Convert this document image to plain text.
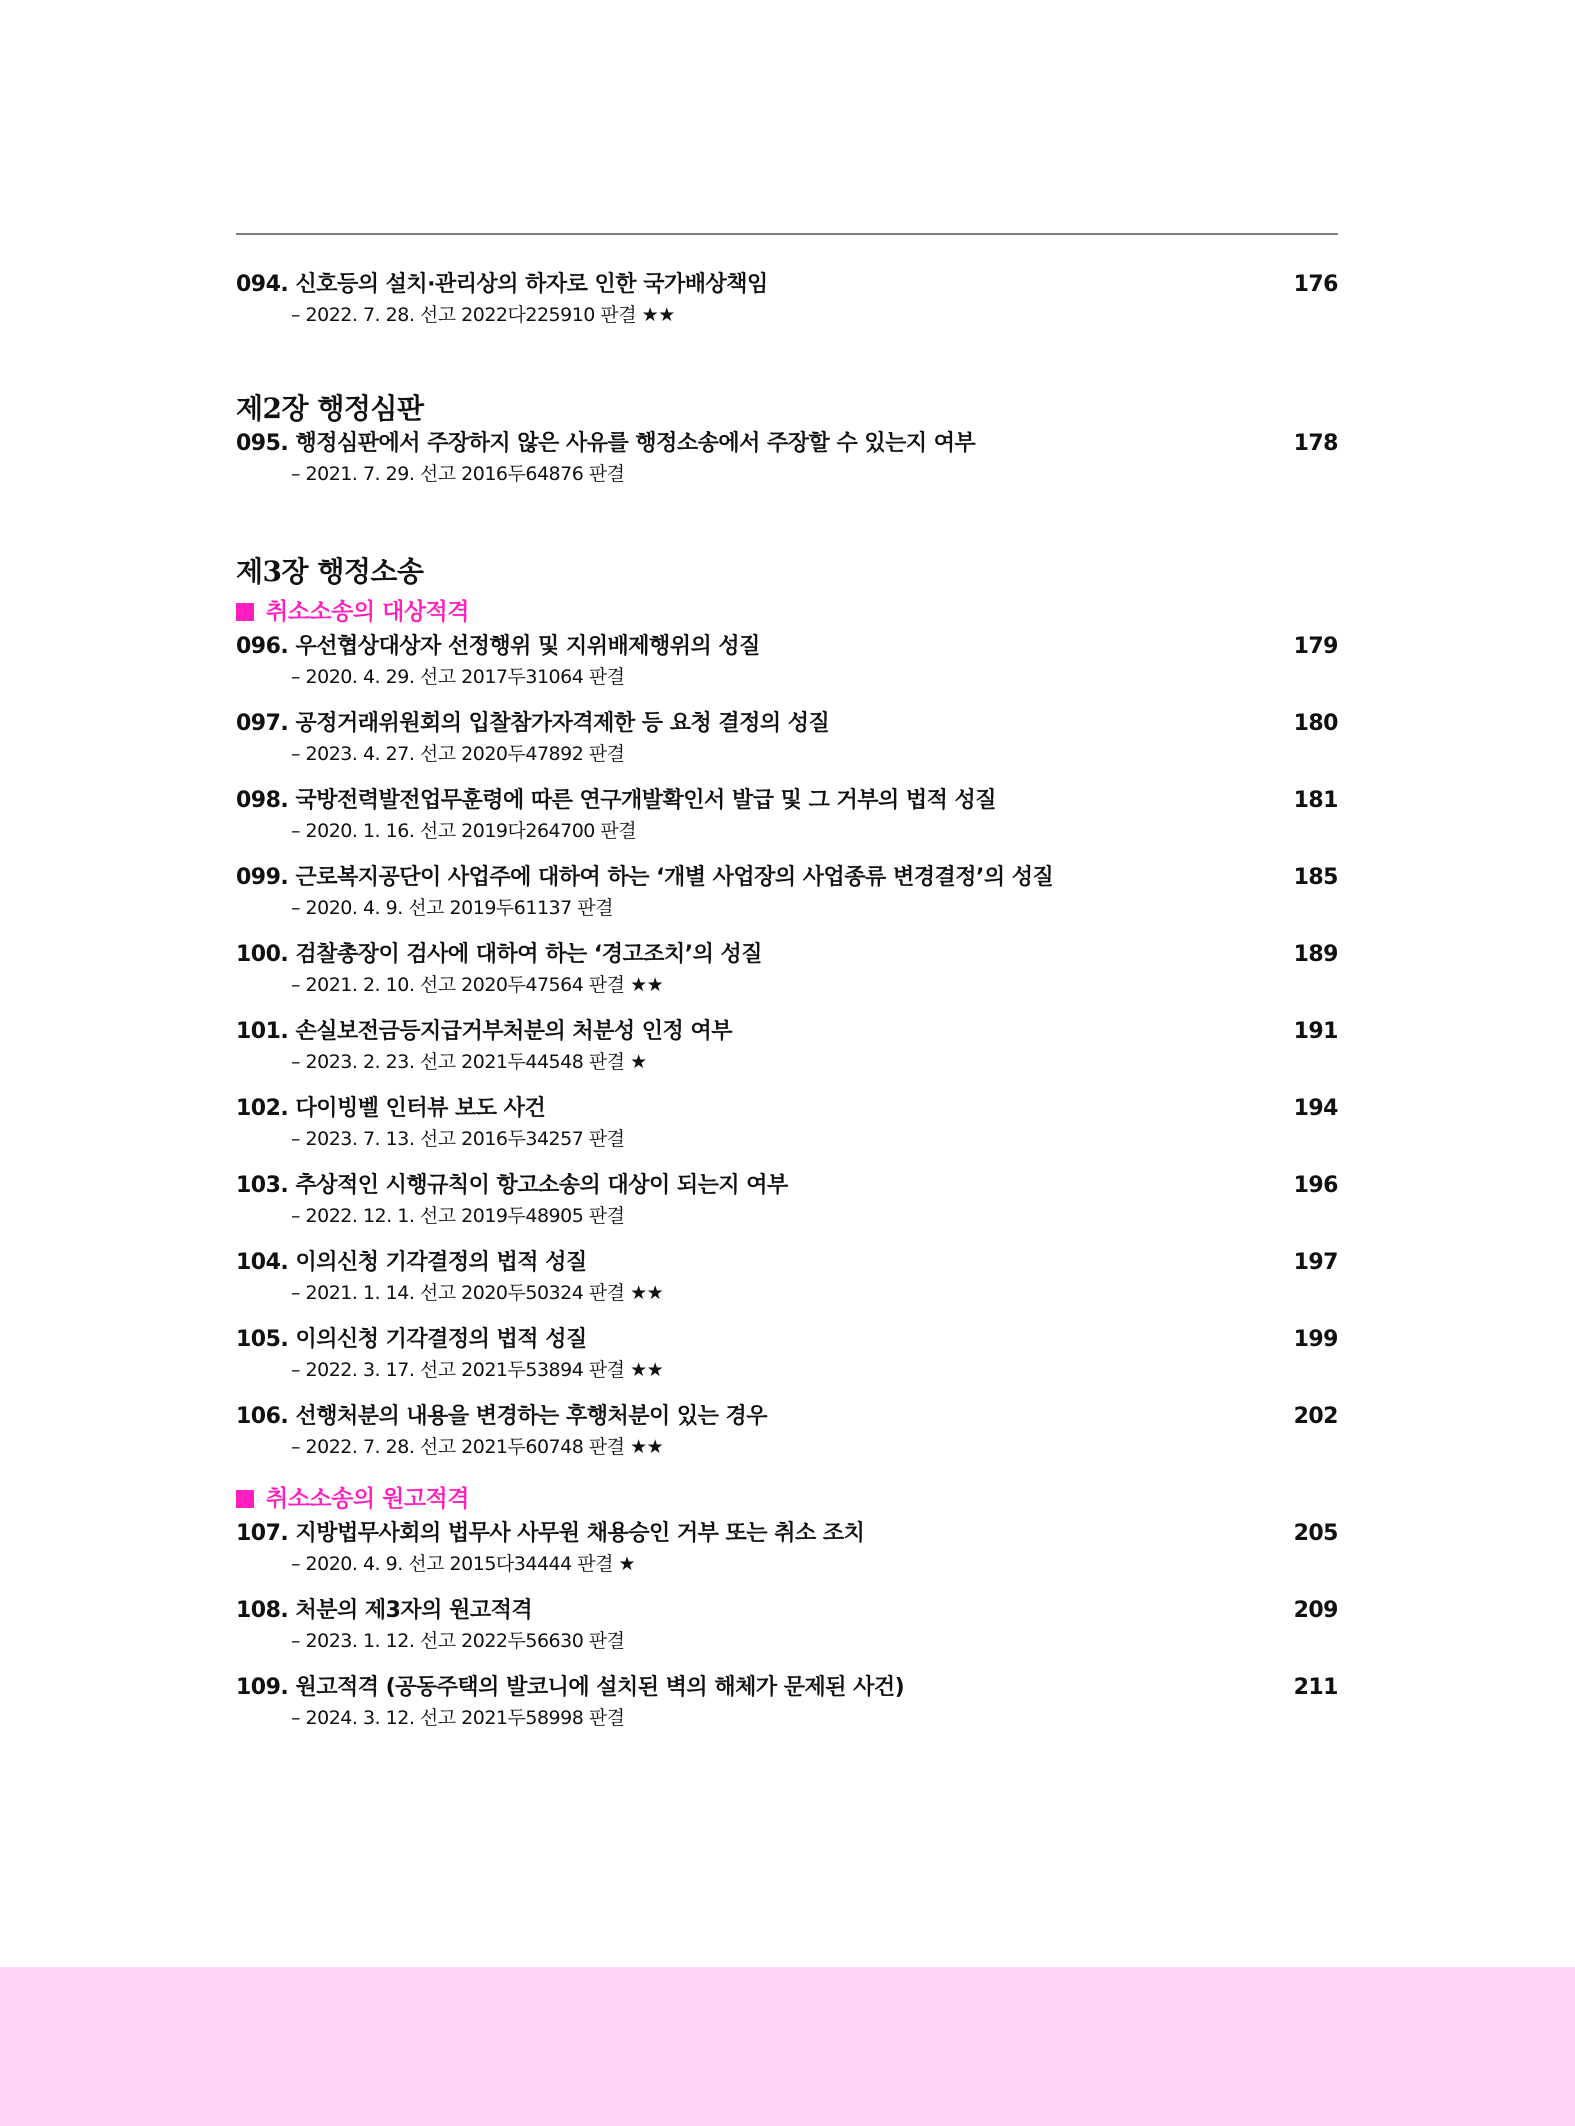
094. 신호등의 설치·관리상의 하자로 인한 국가배상책임	176
– 2022. 7. 28. 선고 2022다225910 판결 ★★
제2장 행정심판
095. 행정심판에서 주장하지 않은 사유를 행정소송에서 주장할 수 있는지 여부	178
– 2021. 7. 29. 선고 2016두64876 판결
제3장 행정소송
취소소송의 대상적격
096. 우선협상대상자 선정행위 및 지위배제행위의 성질	179
– 2020. 4. 29. 선고 2017두31064 판결
097. 공정거래위원회의 입찰참가자격제한 등 요청 결정의 성질	180
– 2023. 4. 27. 선고 2020두47892 판결
098. 국방전력발전업무훈령에 따른 연구개발확인서 발급 및 그 거부의 법적 성질	181
– 2020. 1. 16. 선고 2019다264700 판결
099. 근로복지공단이 사업주에 대하여 하는 ‘개별 사업장의 사업종류 변경결정’의 성질	185
– 2020. 4. 9. 선고 2019두61137 판결
100. 검찰총장이 검사에 대하여 하는 ‘경고조치’의 성질	189
– 2021. 2. 10. 선고 2020두47564 판결 ★★
101. 손실보전금등지급거부처분의 처분성 인정 여부	191
– 2023. 2. 23. 선고 2021두44548 판결 ★
102. 다이빙벨 인터뷰 보도 사건	194
– 2023. 7. 13. 선고 2016두34257 판결
103. 추상적인 시행규칙이 항고소송의 대상이 되는지 여부	196
– 2022. 12. 1. 선고 2019두48905 판결
104. 이의신청 기각결정의 법적 성질	197
– 2021. 1. 14. 선고 2020두50324 판결 ★★
105. 이의신청 기각결정의 법적 성질	199
– 2022. 3. 17. 선고 2021두53894 판결 ★★
106. 선행처분의 내용을 변경하는 후행처분이 있는 경우	202
– 2022. 7. 28. 선고 2021두60748 판결 ★★
취소소송의 원고적격
107. 지방법무사회의 법무사 사무원 채용승인 거부 또는 취소 조치	205
– 2020. 4. 9. 선고 2015다34444 판결 ★
108. 처분의 제3자의 원고적격	209
– 2023. 1. 12. 선고 2022두56630 판결
109. 원고적격 (공동주택의 발코니에 설치된 벽의 해체가 문제된 사건)	211
– 2024. 3. 12. 선고 2021두58998 판결
